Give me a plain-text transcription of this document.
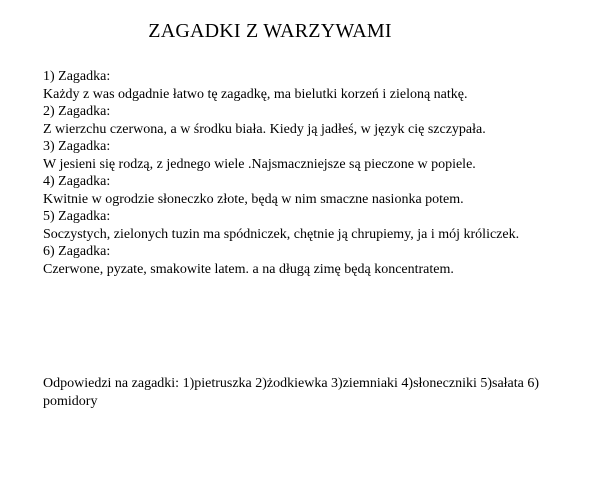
ZAGADKI Z WARZYWAMI
1) Zagadka:
Każdy z was odgadnie łatwo tę zagadkę, ma bielutki korzeń i zieloną natkę.
2) Zagadka:
Z wierzchu czerwona, a w środku biała. Kiedy ją jadłeś, w język cię szczypała.
3) Zagadka:
W jesieni się rodzą, z jednego wiele .Najsmaczniejsze są pieczone w popiele.
4) Zagadka:
Kwitnie w ogrodzie słoneczko złote, będą w nim smaczne nasionka potem.
5) Zagadka:
Soczystych, zielonych tuzin ma spódniczek, chętnie ją chrupiemy, ja i mój króliczek.
6) Zagadka:
Czerwone, pyzate, smakowite latem. a na długą zimę będą koncentratem.
Odpowiedzi na zagadki: 1)pietruszka 2)żodkiewka 3)ziemniaki 4)słoneczniki 5)sałata 6)
pomidory
